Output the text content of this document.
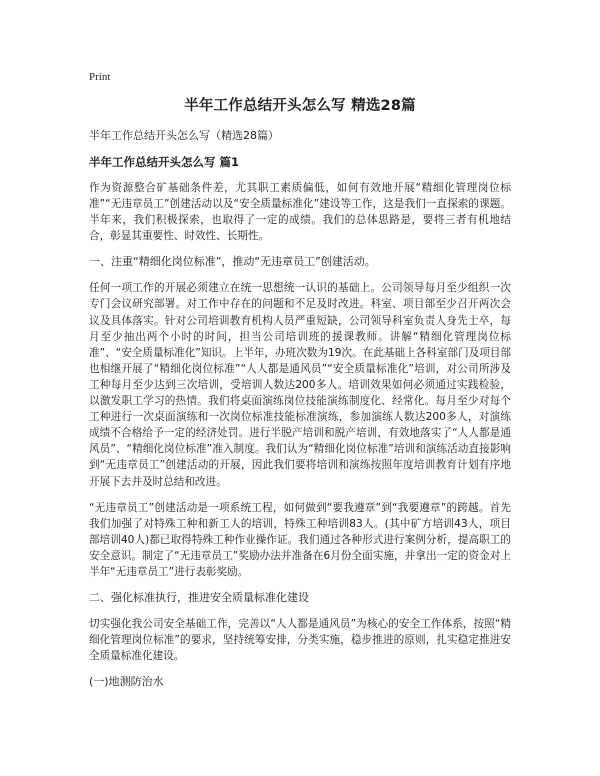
Print
半年工作总结开头怎么写 精选28篇
半年工作总结开头怎么写（精选28篇）
半年工作总结开头怎么写 篇1

作为资源整合矿基础条件差，尤其职工素质偏低，如何有效地开展“精细化管理岗位标准”“无违章员工”创建活动以及“安全质量标准化”建设等工作，这是我们一直探索的课题。半年来，我们积极探索，也取得了一定的成绩。我们的总体思路是，要将三者有机地结合，彰显其重要性、时效性、长期性。

一、注重“精细化岗位标准”，推动“无违章员工”创建活动。

任何一项工作的开展必须建立在统一思想统一认识的基础上。公司领导每月至少组织一次专门会议研究部署。对工作中存在的问题和不足及时改进。科室、项目部至少召开两次会议及具体落实。针对公司培训教育机构人员严重短缺，公司领导科室负责人身先士卒，每月至少抽出两个小时的时间，担当公司培训班的援课教师。讲解“精细化管理岗位标准”、“安全质量标准化”知识。上半年，办班次数为19次。在此基础上各科室部门及项目部也相继开展了“精细化岗位标准”“人人都是通风员”“安全质量标准化”培训，对公司所涉及工种每月至少达到三次培训，受培训人数达200多人。培训效果如何必须通过实践检验，以激发职工学习的热情。我们将桌面演练岗位技能演练制度化、经常化。每月至少对每个工种进行一次桌面演练和一次岗位标准技能标准演练，参加演练人数达200多人，对演练成绩不合格给予一定的经济处罚。进行半脱产培训和脱产培训，有效地落实了“人人都是通风员”、“精细化岗位标准”准入制度。我们认为“精细化岗位标准”培训和演练活动直接影响到“无违章员工”创建活动的开展，因此我们要将培训和演练按照年度培训教育计划有序地开展下去并及时总结和改进。

“无违章员工”创建活动是一项系统工程，如何做到“要我遵章”到“我要遵章”的跨越。首先我们加强了对特殊工种和新工人的培训，特殊工种培训83人。(其中矿方培训43人，项目部培训40人)都已取得特殊工种作业操作证。我们通过各种形式进行案例分析，提高职工的安全意识。制定了“无违章员工”奖励办法并准备在6月份全面实施，并拿出一定的资金对上半年“无违章员工”进行表彰奖励。

二、强化标准执行，推进安全质量标准化建设

切实强化我公司安全基础工作，完善以“人人都是通风员”为核心的安全工作体系，按照“精细化管理岗位标准”的要求，坚持统筹安排，分类实施，稳步推进的原则，扎实稳定推进安全质量标准化建设。

(一)地测防治水
